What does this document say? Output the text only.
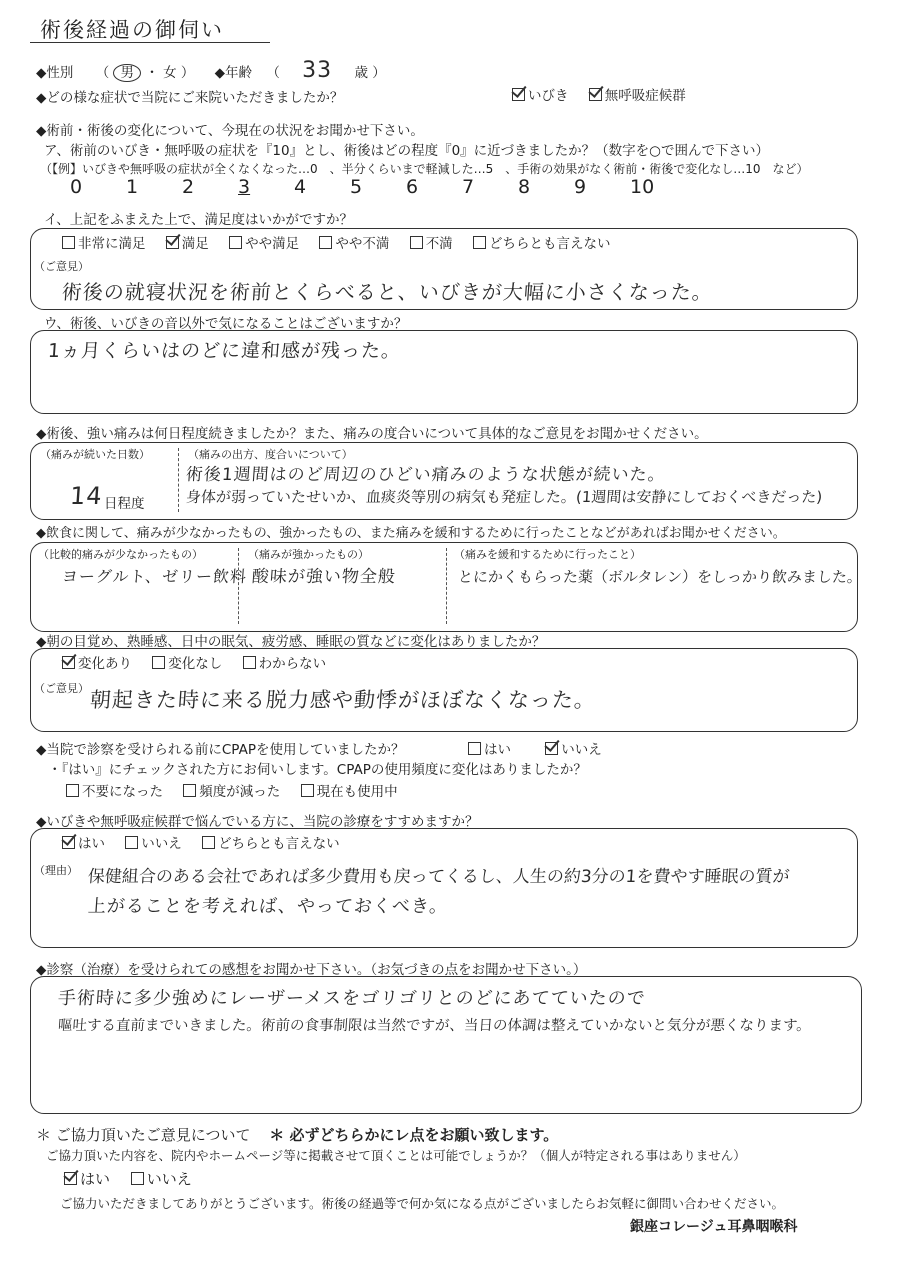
術後経過の御伺い
◆性別 （ 男 ・ 女 ） ◆年齢 （ 33 歳 ）
◆どの様な症状で当院にご来院いただきましたか？	いびき	無呼吸症候群
◆術前・術後の変化について、今現在の状況をお聞かせ下さい。
ア、術前のいびき・無呼吸の症状を『10』とし、術後はどの程度『0』に近づきましたか？（数字を○で囲んで下さい）
（【例】いびきや無呼吸の症状が全くなくなった…0　、半分くらいまで軽減した…5　、手術の効果がなく術前・術後で変化なし…10　など）
0 1 2 3 4 5 6 7 8 9 10
イ、上記をふまえた上で、満足度はいかがですか？
非常に満足	満足	やや満足	やや不満	不満	どちらとも言えない
（ご意見）
術後の就寝状況を術前とくらべると、いびきが大幅に小さくなった。
ウ、術後、いびきの音以外で気になることはございますか？
1ヵ月くらいはのどに違和感が残った。
◆術後、強い痛みは何日程度続きましたか？また、痛みの度合いについて具体的なご意見をお聞かせください。
（痛みが続いた日数）
14 日程度
（痛みの出方、度合いについて）
術後1週間はのど周辺のひどい痛みのような状態が続いた。
身体が弱っていたせいか、血痰炎等別の病気も発症した。(1週間は安静にしておくべきだった)
◆飲食に関して、痛みが少なかったもの、強かったもの、また痛みを緩和するために行ったことなどがあればお聞かせください。
（比較的痛みが少なかったもの）
ヨーグルト、ゼリー飲料
（痛みが強かったもの）
酸味が強い物全般
（痛みを緩和するために行ったこと）
とにかくもらった薬（ボルタレン）をしっかり飲みました。
◆朝の目覚め、熟睡感、日中の眠気、疲労感、睡眠の質などに変化はありましたか？
変化あり	変化なし	わからない
（ご意見） 朝起きた時に来る脱力感や動悸がほぼなくなった。
◆当院で診察を受けられる前にCPAPを使用していましたか？	はい	いいえ
・『はい』にチェックされた方にお伺いします。CPAPの使用頻度に変化はありましたか？
不要になった	頻度が減った	現在も使用中
◆いびきや無呼吸症候群で悩んでいる方に、当院の診療をすすめますか？
はい	いいえ	どちらとも言えない
（理由） 保健組合のある会社であれば多少費用も戻ってくるし、人生の約3分の1を費やす睡眠の質が
上がることを考えれば、やっておくべき。
◆診察（治療）を受けられての感想をお聞かせ下さい。（お気づきの点をお聞かせ下さい。）
手術時に多少強めにレーザーメスをゴリゴリとのどにあてていたので
嘔吐する直前までいきました。術前の食事制限は当然ですが、当日の体調は整えていかないと気分が悪くなります。
＊ ご協力頂いたご意見について ＊ 必ずどちらかにレ点をお願い致します。
ご協力頂いた内容を、院内やホームページ等に掲載させて頂くことは可能でしょうか？（個人が特定される事はありません）
はい いいえ
ご協力いただきましてありがとうございます。術後の経過等で何か気になる点がございましたらお気軽に御問い合わせください。
銀座コレージュ耳鼻咽喉科
